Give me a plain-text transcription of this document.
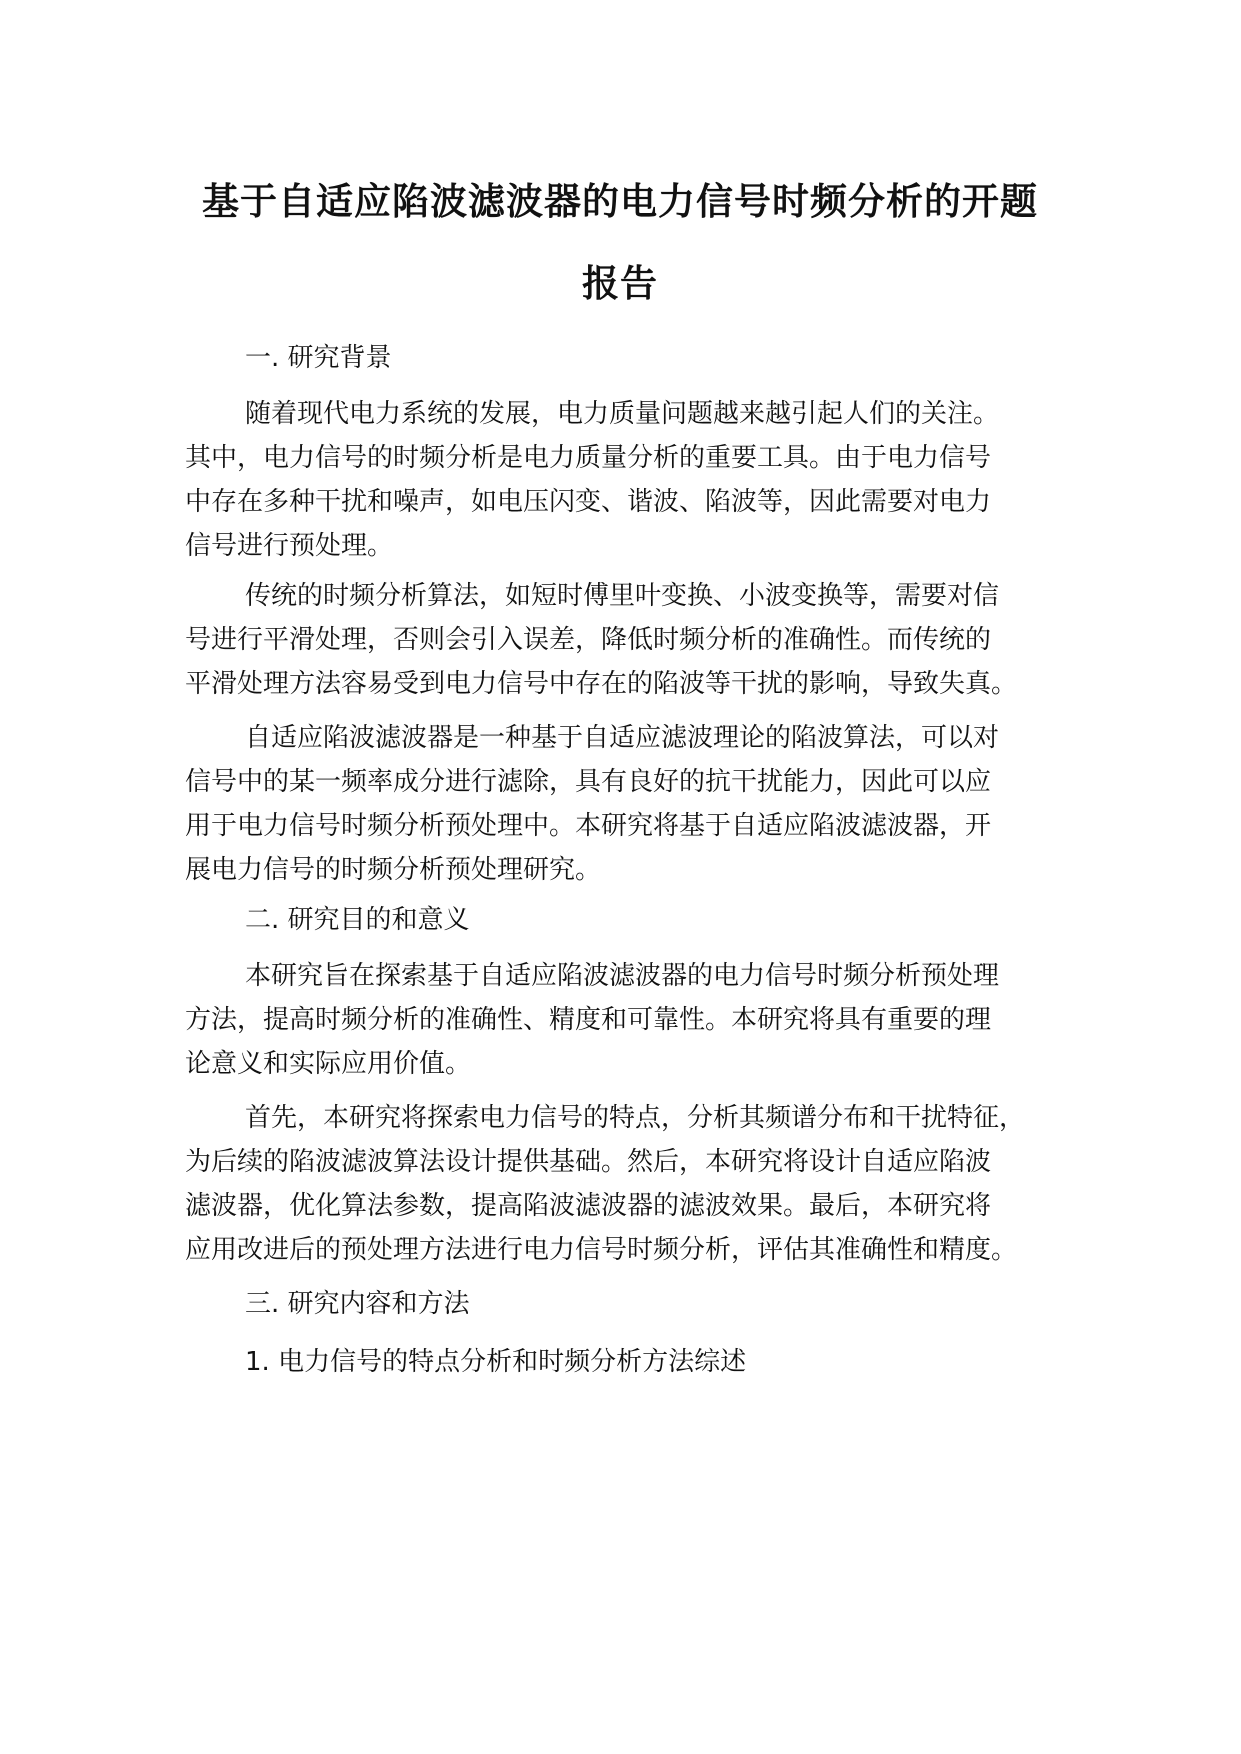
基于自适应陷波滤波器的电力信号时频分析的开题
报告
一. 研究背景
随着现代电力系统的发展，电力质量问题越来越引起人们的关注。
其中，电力信号的时频分析是电力质量分析的重要工具。由于电力信号
中存在多种干扰和噪声，如电压闪变、谐波、陷波等，因此需要对电力
信号进行预处理。
传统的时频分析算法，如短时傅里叶变换、小波变换等，需要对信
号进行平滑处理，否则会引入误差，降低时频分析的准确性。而传统的
平滑处理方法容易受到电力信号中存在的陷波等干扰的影响，导致失真。
自适应陷波滤波器是一种基于自适应滤波理论的陷波算法，可以对
信号中的某一频率成分进行滤除，具有良好的抗干扰能力，因此可以应
用于电力信号时频分析预处理中。本研究将基于自适应陷波滤波器，开
展电力信号的时频分析预处理研究。
二. 研究目的和意义
本研究旨在探索基于自适应陷波滤波器的电力信号时频分析预处理
方法，提高时频分析的准确性、精度和可靠性。本研究将具有重要的理
论意义和实际应用价值。
首先，本研究将探索电力信号的特点，分析其频谱分布和干扰特征，
为后续的陷波滤波算法设计提供基础。然后，本研究将设计自适应陷波
滤波器，优化算法参数，提高陷波滤波器的滤波效果。最后，本研究将
应用改进后的预处理方法进行电力信号时频分析，评估其准确性和精度。
三. 研究内容和方法
1. 电力信号的特点分析和时频分析方法综述
